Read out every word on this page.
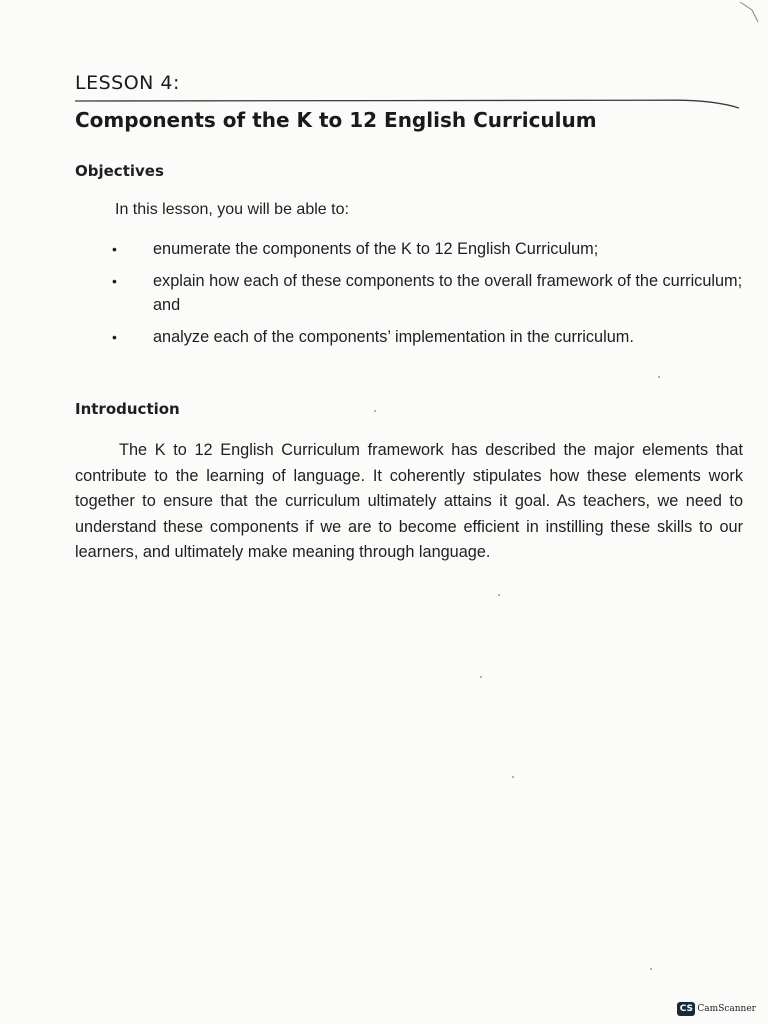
LESSON 4:
Components of the K to 12 English Curriculum
Objectives
In this lesson, you will be able to:
• enumerate the components of the K to 12 English Curriculum;
• explain how each of these components to the overall framework of the curriculum; and
• analyze each of the components’ implementation in the curriculum.
Introduction

The K to 12 English Curriculum framework has described the major elements that contribute to the learning of language. It coherently stipulates how these elements work together to ensure that the curriculum ultimately attains it goal. As teachers, we need to understand these components if we are to become efficient in instilling these skills to our learners, and ultimately make meaning through language.

CS CamScanner
